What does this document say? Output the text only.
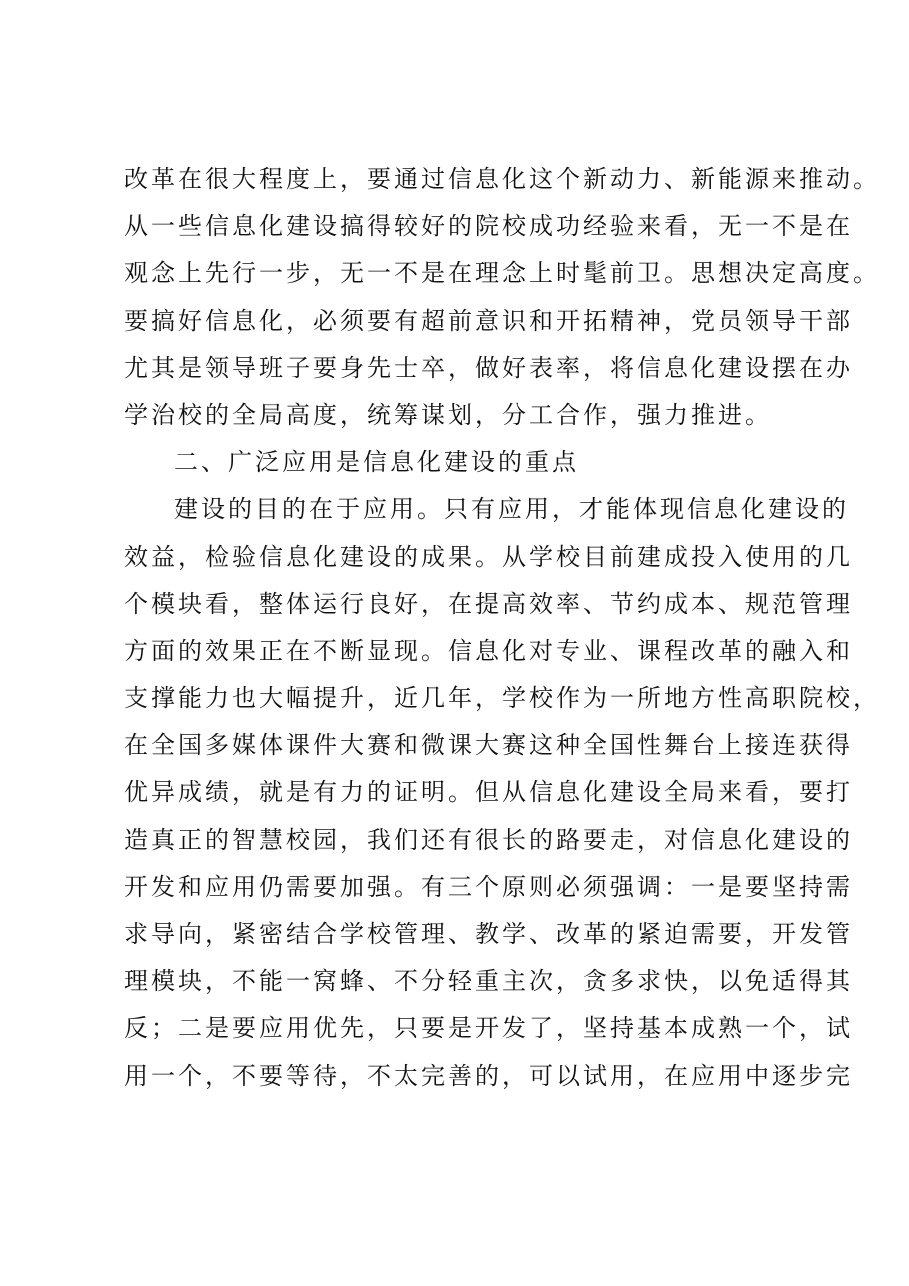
改革在很大程度上，要通过信息化这个新动力、新能源来推动。
从一些信息化建设搞得较好的院校成功经验来看，无一不是在
观念上先行一步，无一不是在理念上时髦前卫。思想决定高度。
要搞好信息化，必须要有超前意识和开拓精神，党员领导干部
尤其是领导班子要身先士卒，做好表率，将信息化建设摆在办
学治校的全局高度，统筹谋划，分工合作，强力推进。
二、广泛应用是信息化建设的重点
建设的目的在于应用。只有应用，才能体现信息化建设的
效益，检验信息化建设的成果。从学校目前建成投入使用的几
个模块看，整体运行良好，在提高效率、节约成本、规范管理
方面的效果正在不断显现。信息化对专业、课程改革的融入和
支撑能力也大幅提升，近几年，学校作为一所地方性高职院校，
在全国多媒体课件大赛和微课大赛这种全国性舞台上接连获得
优异成绩，就是有力的证明。但从信息化建设全局来看，要打
造真正的智慧校园，我们还有很长的路要走，对信息化建设的
开发和应用仍需要加强。有三个原则必须强调：一是要坚持需
求导向，紧密结合学校管理、教学、改革的紧迫需要，开发管
理模块，不能一窝蜂、不分轻重主次，贪多求快，以免适得其
反；二是要应用优先，只要是开发了，坚持基本成熟一个，试
用一个，不要等待，不太完善的，可以试用，在应用中逐步完
